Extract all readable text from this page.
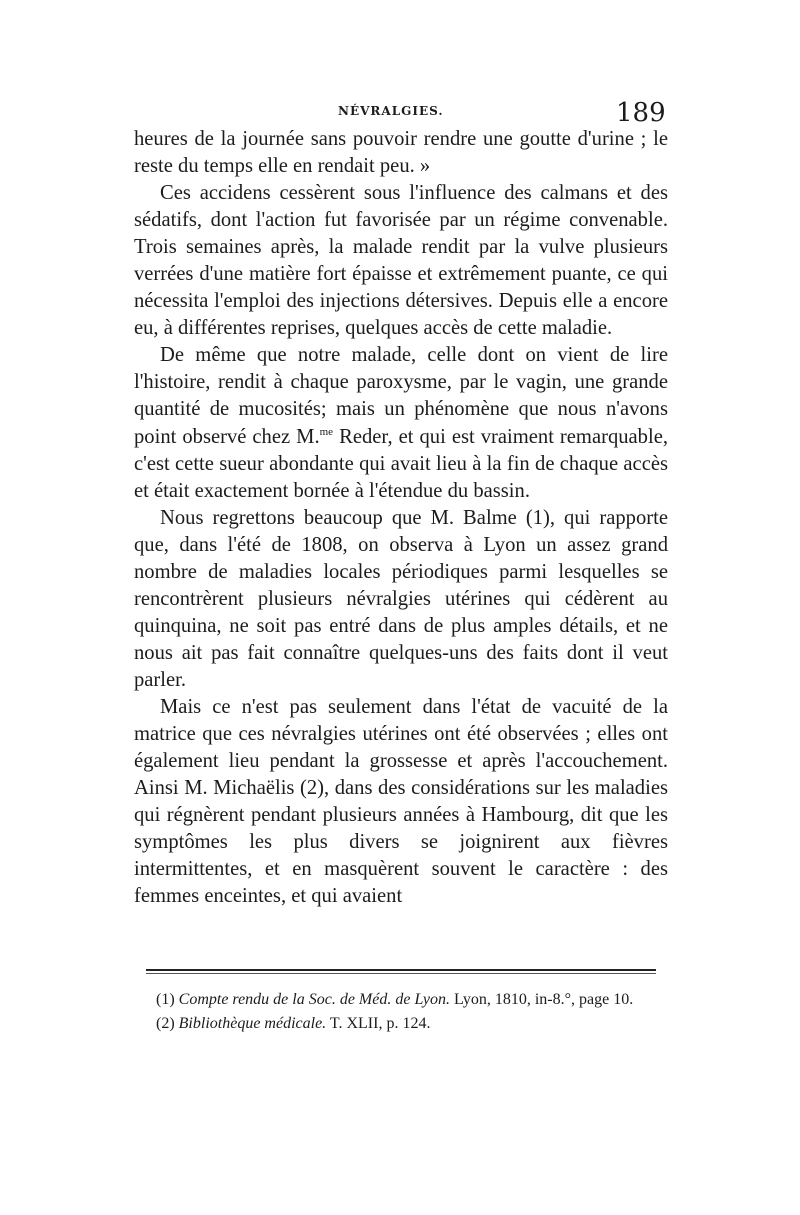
NÉVRALGIES.	189

heures de la journée sans pouvoir rendre une goutte d'urine ; le reste du temps elle en rendait peu. »

Ces accidens cessèrent sous l'influence des calmans et des sédatifs, dont l'action fut favorisée par un régime convenable. Trois semaines après, la malade rendit par la vulve plusieurs verrées d'une matière fort épaisse et extrêmement puante, ce qui nécessita l'emploi des injections détersives. Depuis elle a encore eu, à différentes reprises, quelques accès de cette maladie.

De même que notre malade, celle dont on vient de lire l'histoire, rendit à chaque paroxysme, par le vagin, une grande quantité de mucosités; mais un phénomène que nous n'avons point observé chez M.$^{me}$ Reder, et qui est vraiment remarquable, c'est cette sueur abondante qui avait lieu à la fin de chaque accès et était exactement bornée à l'étendue du bassin.

Nous regrettons beaucoup que M. Balme (1), qui rapporte que, dans l'été de 1808, on observa à Lyon un assez grand nombre de maladies locales périodiques parmi lesquelles se rencontrèrent plusieurs névralgies utérines qui cédèrent au quinquina, ne soit pas entré dans de plus amples détails, et ne nous ait pas fait connaître quelques-uns des faits dont il veut parler.

Mais ce n'est pas seulement dans l'état de vacuité de la matrice que ces névralgies utérines ont été observées ; elles ont également lieu pendant la grossesse et après l'accouchement. Ainsi M. Michaëlis (2), dans des considérations sur les maladies qui régnèrent pendant plusieurs années à Hambourg, dit que les symptômes les plus divers se joignirent aux fièvres intermittentes, et en masquèrent souvent le caractère : des femmes enceintes, et qui avaient

(1) Compte rendu de la Soc. de Méd. de Lyon. Lyon, 1810, in-8.°, page 10.

(2) Bibliothèque médicale. T. XLII, p. 124.
